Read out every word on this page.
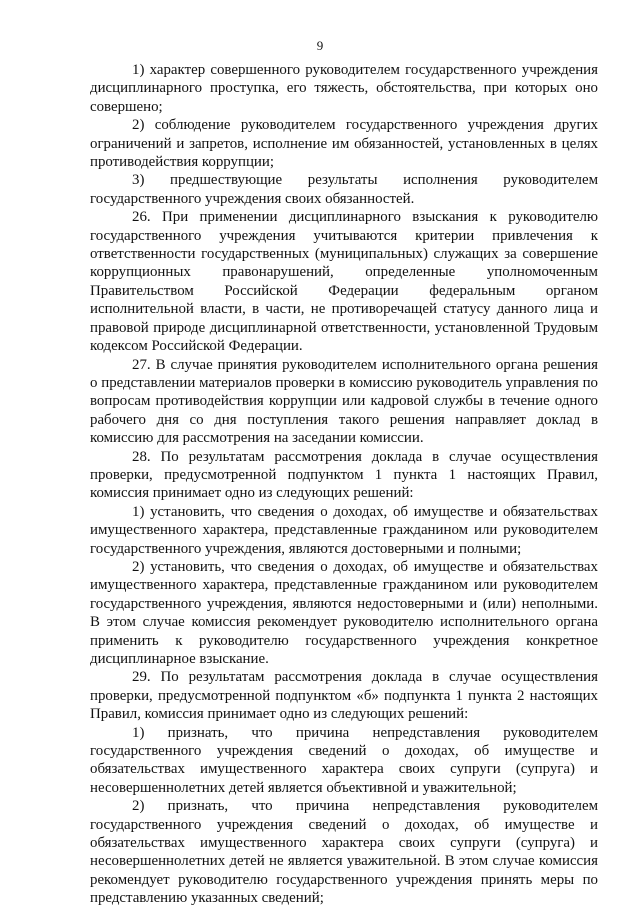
9

1) характер совершенного руководителем государственного учреждения дисциплинарного проступка, его тяжесть, обстоятельства, при которых оно совершено;

2) соблюдение руководителем государственного учреждения других ограничений и запретов, исполнение им обязанностей, установленных в целях противодействия коррупции;

3) предшествующие результаты исполнения руководителем государственного учреждения своих обязанностей.

26. При применении дисциплинарного взыскания к руководителю государственного учреждения учитываются критерии привлечения к ответственности государственных (муниципальных) служащих за совершение коррупционных правонарушений, определенные уполномоченным Правительством Российской Федерации федеральным органом исполнительной власти, в части, не противоречащей статусу данного лица и правовой природе дисциплинарной ответственности, установленной Трудовым кодексом Российской Федерации.

27. В случае принятия руководителем исполнительного органа решения о представлении материалов проверки в комиссию руководитель управления по вопросам противодействия коррупции или кадровой службы в течение одного рабочего дня со дня поступления такого решения направляет доклад в комиссию для рассмотрения на заседании комиссии.

28. По результатам рассмотрения доклада в случае осуществления проверки, предусмотренной подпунктом 1 пункта 1 настоящих Правил, комиссия принимает одно из следующих решений:

1) установить, что сведения о доходах, об имуществе и обязательствах имущественного характера, представленные гражданином или руководителем государственного учреждения, являются достоверными и полными;

2) установить, что сведения о доходах, об имуществе и обязательствах имущественного характера, представленные гражданином или руководителем государственного учреждения, являются недостоверными и (или) неполными. В этом случае комиссия рекомендует руководителю исполнительного органа применить к руководителю государственного учреждения конкретное дисциплинарное взыскание.

29. По результатам рассмотрения доклада в случае осуществления проверки, предусмотренной подпунктом «б» подпункта 1 пункта 2 настоящих Правил, комиссия принимает одно из следующих решений:

1) признать, что причина непредставления руководителем государственного учреждения сведений о доходах, об имуществе и обязательствах имущественного характера своих супруги (супруга) и несовершеннолетних детей является объективной и уважительной;

2) признать, что причина непредставления руководителем государственного учреждения сведений о доходах, об имуществе и обязательствах имущественного характера своих супруги (супруга) и несовершеннолетних детей не является уважительной. В этом случае комиссия рекомендует руководителю государственного учреждения принять меры по представлению указанных сведений;
